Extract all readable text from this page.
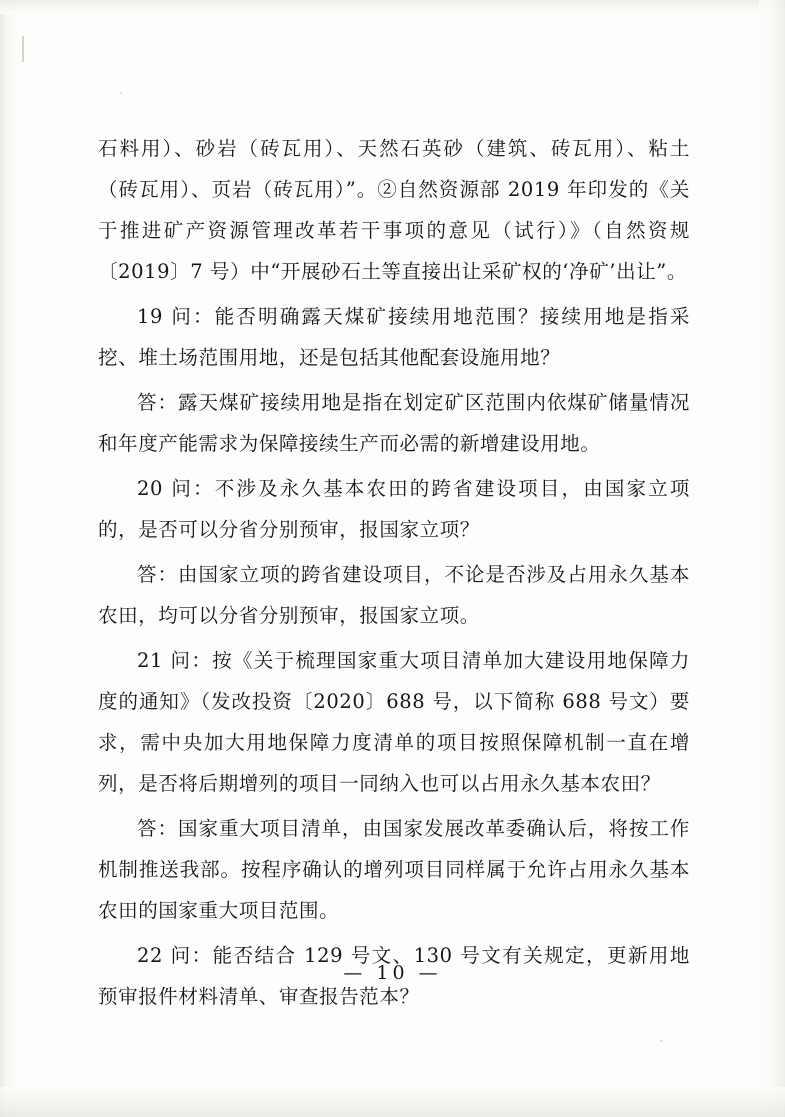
石料用）、砂岩（砖瓦用）、天然石英砂（建筑、砖瓦用）、粘土（砖瓦用）、页岩（砖瓦用）”。②自然资源部 2019 年印发的《关于推进矿产资源管理改革若干事项的意见（试行）》（自然资规〔2019〕7 号）中“开展砂石土等直接出让采矿权的‘净矿’出让”。

19 问：能否明确露天煤矿接续用地范围？接续用地是指采挖、堆土场范围用地，还是包括其他配套设施用地？

答：露天煤矿接续用地是指在划定矿区范围内依煤矿储量情况和年度产能需求为保障接续生产而必需的新增建设用地。

20 问：不涉及永久基本农田的跨省建设项目，由国家立项的，是否可以分省分别预审，报国家立项？

答：由国家立项的跨省建设项目，不论是否涉及占用永久基本农田，均可以分省分别预审，报国家立项。

21 问：按《关于梳理国家重大项目清单加大建设用地保障力度的通知》（发改投资〔2020〕688 号，以下简称 688 号文）要求，需中央加大用地保障力度清单的项目按照保障机制一直在增列，是否将后期增列的项目一同纳入也可以占用永久基本农田？

答：国家重大项目清单，由国家发展改革委确认后，将按工作机制推送我部。按程序确认的增列项目同样属于允许占用永久基本农田的国家重大项目范围。

22 问：能否结合 129 号文、130 号文有关规定，更新用地预审报件材料清单、审查报告范本？

— 10 —
